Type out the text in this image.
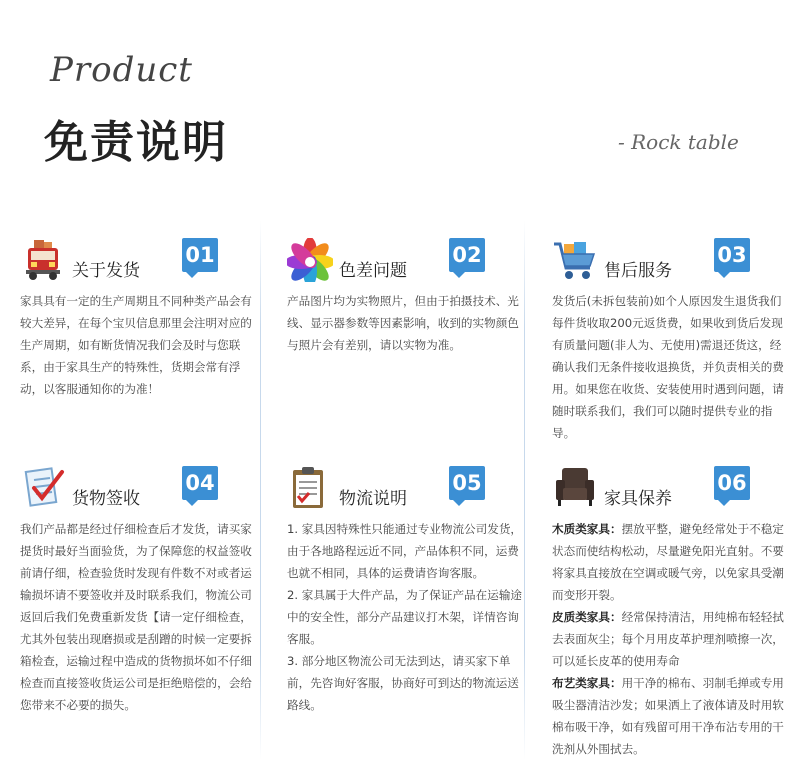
Product
免责说明	- Rock table
关于发货
01

家具具有一定的生产周期且不同种类产品会有较大差异，在每个宝贝信息那里会注明对应的生产周期，如有断货情况我们会及时与您联系，由于家具生产的特殊性，货期会常有浮动，以客服通知你的为准！

色差问题
02

产品图片均为实物照片，但由于拍摄技术、光线、显示器参数等因素影响，收到的实物颜色与照片会有差别，请以实物为准。

售后服务
03

发货后(未拆包装前)如个人原因发生退货我们每件货收取200元返货费，如果收到货后发现有质量问题(非人为、无使用)需退还货这，经确认我们无条件接收退换货，并负责相关的费用。如果您在收货、安装使用时遇到问题，请随时联系我们，我们可以随时提供专业的指导。

货物签收
04

我们产品都是经过仔细检查后才发货，请买家提货时最好当面验货，为了保障您的权益签收前请仔细，检查验货时发现有件数不对或者运输损坏请不要签收并及时联系我们，物流公司返回后我们免费重新发货【请一定仔细检查，尤其外包装出现磨损或是刮蹭的时候一定要拆箱检查，运输过程中造成的货物损坏如不仔细检查而直接签收货运公司是拒绝赔偿的，会给您带来不必要的损失。

物流说明
05

1. 家具因特殊性只能通过专业物流公司发货，由于各地路程远近不同，产品体积不同，运费也就不相同，具体的运费请咨询客服。

2. 家具属于大件产品，为了保证产品在运输途中的安全性，部分产品建议打木架，详情咨询客服。

3. 部分地区物流公司无法到达，请买家下单前，先咨询好客服，协商好可到达的物流运送路线。

家具保养
06

木质类家具：摆放平整，避免经常处于不稳定状态而使结构松动，尽量避免阳光直射。不要将家具直接放在空调或暖气旁，以免家具受潮而变形开裂。

皮质类家具：经常保持清洁，用纯棉布轻轻拭去表面灰尘；每个月用皮革护理剂喷擦一次，可以延长皮革的使用寿命

布艺类家具：用干净的棉布、羽制毛掸或专用吸尘器清洁沙发；如果洒上了液体请及时用软棉布吸干净，如有残留可用干净布沾专用的干洗剂从外围拭去。
